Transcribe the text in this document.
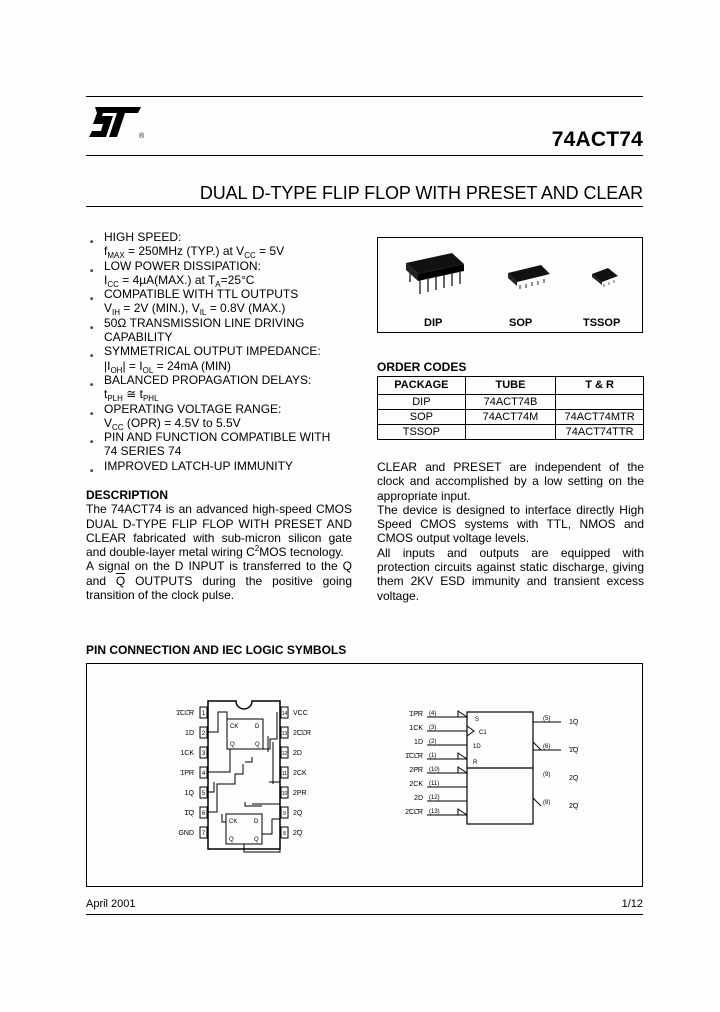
®	74ACT74
DUAL D-TYPE FLIP FLOP WITH PRESET AND CLEAR
■ HIGH SPEED:
$f_{MAX} = 250MHz$ (TYP.) at $V_{CC} = 5V$
■ LOW POWER DISSIPATION:
$I_{CC} = 4\mu A(MAX.)$ at $T_A=25^\circ C$
■ COMPATIBLE WITH TTL OUTPUTS
$V_{IH} = 2V$ (MIN.), $V_{IL} = 0.8V$ (MAX.)
■ 50Ω TRANSMISSION LINE DRIVING
CAPABILITY
■ SYMMETRICAL OUTPUT IMPEDANCE:
$|I_{OH}| = I_{OL} = 24mA$ (MIN)
■ BALANCED PROPAGATION DELAYS:
$t_{PLH}$ ≅ $t_{PHL}$
■ OPERATING VOLTAGE RANGE:
$V_{CC}$ (OPR) = 4.5V to 5.5V
■ PIN AND FUNCTION COMPATIBLE WITH
74 SERIES 74
■ IMPROVED LATCH-UP IMMUNITY
DESCRIPTION
The 74ACT74 is an advanced high-speed CMOS DUAL D-TYPE FLIP FLOP WITH PRESET AND CLEAR fabricated with sub-micron silicon gate and double-layer metal wiring $C^2MOS$ tecnology.
A signal on the D INPUT is transferred to the Q and $\overline{Q}$ OUTPUTS during the positive going transition of the clock pulse.
DIP	SOP	TSSOP
ORDER CODES
PACKAGE	TUBE	T & R
DIP	74ACT74B	
SOP	74ACT74M	74ACT74MTR
TSSOP		74ACT74TTR
CLEAR and PRESET are independent of the clock and accomplished by a low setting on the appropriate input.
The device is designed to interface directly High Speed CMOS systems with TTL, NMOS and CMOS output voltage levels.
All inputs and outputs are equipped with protection circuits against static discharge, giving them 2KV ESD immunity and transient excess voltage.
PIN CONNECTION AND IEC LOGIC SYMBOLS
1
1CLR
2
1D
3
1CK
4
1PR
5
1Q
6
1Q
7
GND
14 VCC
13 2CLR
12 2D
11 2CK
10 2PR
9 2Q
8 2Q
CK	D
Q	Q
CK	D
Q	Q
1PR (4)
1CK (3)
1D (2)
1CLR (1)
2PR (10)
2CK (11)
2D (12)
2CLR (13)
S
C1
1D
R
(5)	1Q
(6)	1Q
(9)	2Q
(8)	2Q
April 2001	1/12
